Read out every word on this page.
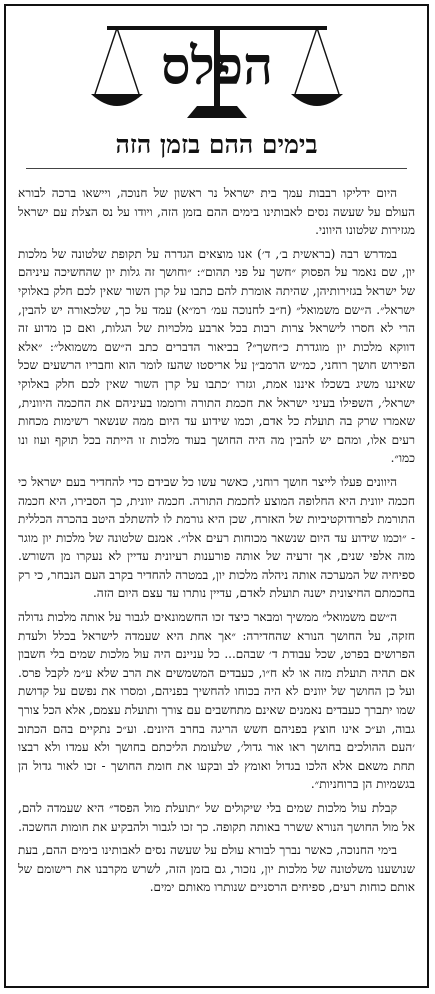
הפלס
בימים ההם בזמן הזה

היום ידליקו רבבות עמך בית ישראל נר ראשון של חנוכה, ויישאו ברכה לבורא העולם על שעשה נסים לאבותינו בימים ההם בזמן הזה, ויודו על נס הצלת עם ישראל מגזירות שלטונו היווני.

במדרש רבה (בראשית ב׳, ד׳) אנו מוצאים הגדרה על תקופת שלטונה של מלכות יון, שם נאמר על הפסוק ״חשך על פני תהום״: ״וחושך זה גלות יון שהחשיכה עיניהם של ישראל בגזירותיהן, שהיתה אומרת להם כתבו על קרן השור שאין לכם חלק באלוקי ישראל״. ה״שם משמואל״ (ח״ב לחנוכה עמ׳ רמ״א) עמד על כך, שלכאורה יש להבין, הרי לא חסרו לישראל צרות רבות בכל ארבע מלכויות של הגלות, ואם כן מדוע זה דווקא מלכות יון מוגדרת כ״חשך״? בביאור הדברים כתב ה״שם משמואל״: ״אלא הפירוש חושך רוחני, כמ״ש הרמב״ן על אריסטו שהעז לומר הוא וחבריו הרשעים שכל שאיננו משיג בשכלו איננו אמת, וגזרו ׳כתבו על קרן השור שאין לכם חלק באלוקי ישראל׳, השפילו בעיני ישראל את חכמת התורה ורוממו בעיניהם את החכמה היוונית, שאמרו שרק בה תועלת כל אדם, וכמו שידוע עד היום ממה שנשאר רשימות מכחות רעים אלו, ומהם יש להבין מה היה החושך בעוד מלכות זו הייתה בכל תוקף ועוז ונו כמו״.

היוונים פעלו לייצר חושך רוחני, כאשר עשו כל שבידם כדי להחדיר בעם ישראל כי חכמה יוונית היא החלופה המוצע לחכמת התורה. חכמה יוונית, כך הסבירו, היא חכמה התורמת לפרודוקטיביות של האזרח, שכן היא גורמת לו להשתלב היטב בהכרה הכללית - ״וכמו שידוע עד היום שנשאר מכוחות רעים אלו״. אמנם שלטונה של מלכות יון מוגר מזה אלפי שנים, אך זרעיה של אותה פורענות רעיונית עדיין לא נעקרו מן השורש. ספיחיה של המערכה אותה ניהלה מלכות יון, במטרה להחדיר בקרב העם הנבחר, כי רק בחכמתם החיצונית ישנה תועלת לאדם, עדיין נותרו עד עצם היום הזה.

ה״שם משמואל״ ממשיך ומבאר כיצד זכו החשמונאים לגבור על אותה מלכות גדולה חזקה, על החושך הנורא שהחדירה: ״אך אחת היא שעמדה לישראל בכלל ולעדת הפרושים בפרט, שכל עבודת ד׳ שבהם... כל עניינם היה עול מלכות שמים בלי חשבון אם תהיה תועלת מזה או לא ח״ו, כעבדים המשמשים את הרב שלא ע״מ לקבל פרס. ועל כן החושך של יוונים לא היה בכוחו להחשיך בפניהם, ומסרו את נפשם על קדושת שמו יתברך כעבדים נאמנים שאינם מתחשבים עם צורך ותועלת עצמם, אלא הכל צורך גבוה, וע״כ אינו חוצץ בפניהם חשש הריגה בחרב היונים. וע״כ נתקיים בהם הכתוב ׳העם ההולכים בחושך ראו אור גדול׳, שלעומת הליכתם בחושך ולא עמדו ולא רבצו תחת משאם אלא הלכו בגדול ואומץ לב ובקעו את חומת החושך - זכו לאור גדול הן בגשמיות הן ברוחניות״.

קבלת עול מלכות שמים בלי שיקולים של ״תועלת מול הפסד״ היא שעמדה להם, אל מול החושך הנורא ששרר באותה תקופה. כך זכו לגבור ולהבקיע את חומות החשכה.

בימי החנוכה, כאשר נברך לבורא עולם על שעשה נסים לאבותינו בימים ההם, בעת שנושענו משלטונה של מלכות יון, נזכור, גם בזמן הזה, לשרש מקרבנו את רישומם של אותם כוחות רעים, ספיחים הרסניים שנותרו מאותם ימים.
